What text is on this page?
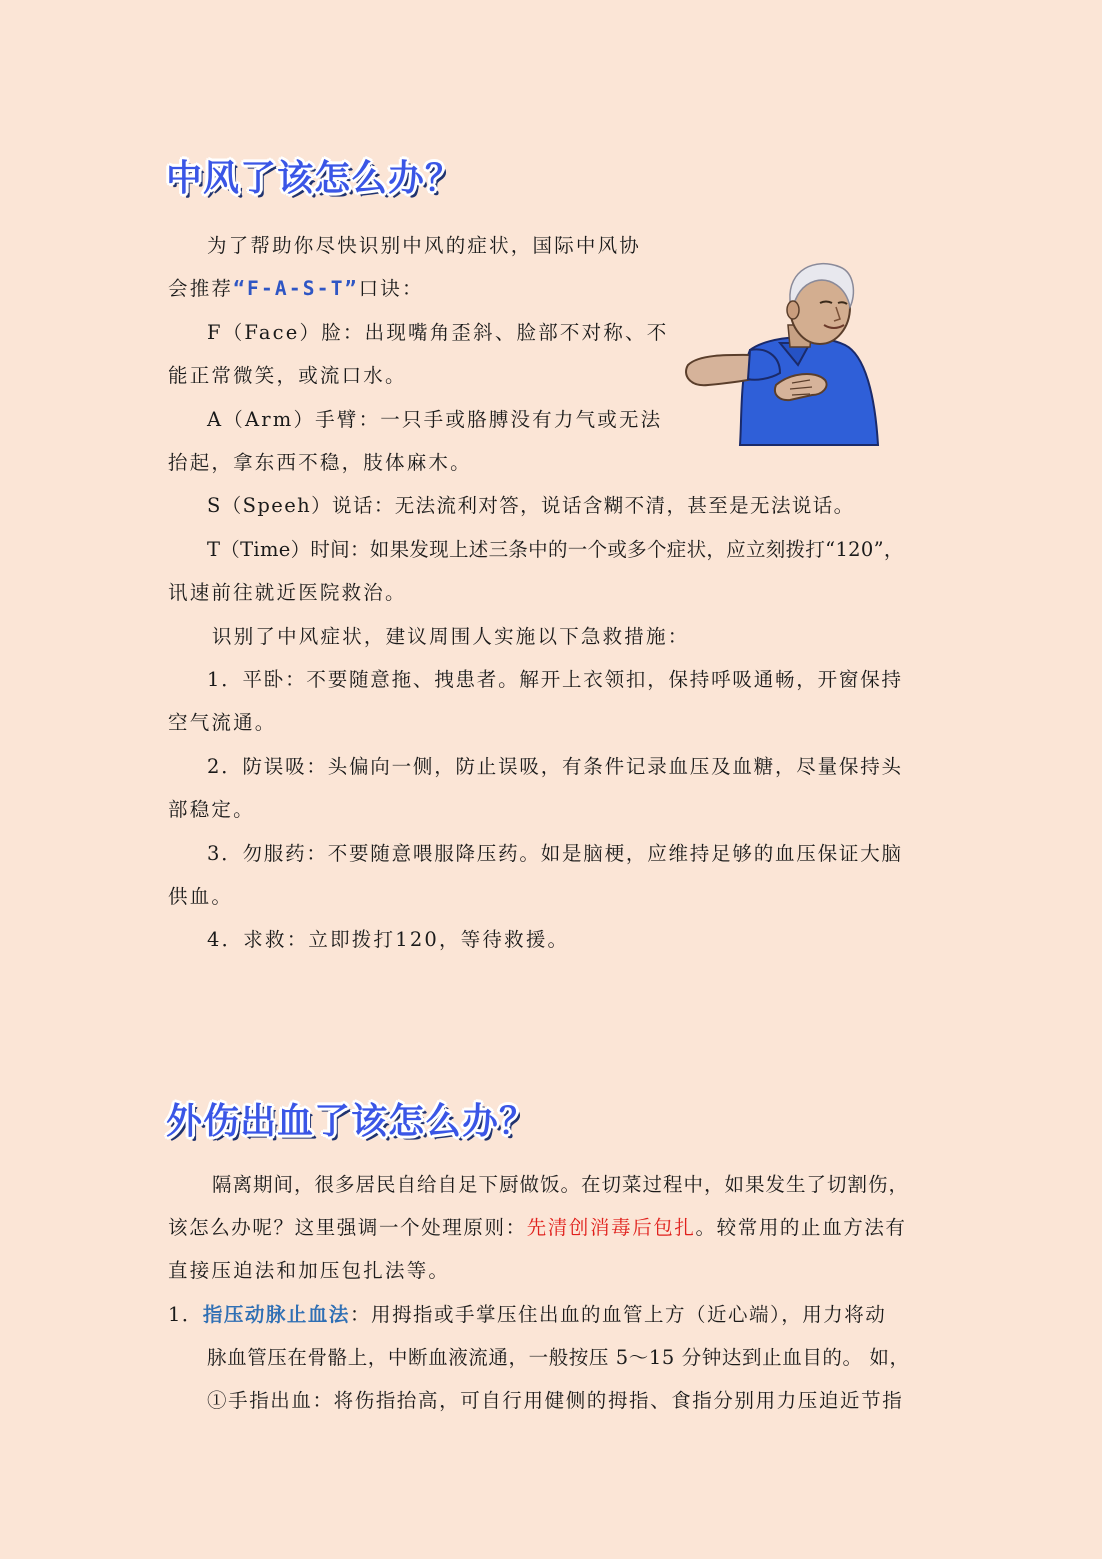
中风了该怎么办？
为了帮助你尽快识别中风的症状，国际中风协
会推荐“F-A-S-T”口诀：
F（Face）脸：出现嘴角歪斜、脸部不对称、不
能正常微笑，或流口水。
A（Arm）手臂：一只手或胳膊没有力气或无法
抬起，拿东西不稳，肢体麻木。
S（Speeh）说话：无法流利对答，说话含糊不清，甚至是无法说话。
T（Time）时间：如果发现上述三条中的一个或多个症状，应立刻拨打“120”，
讯速前往就近医院救治。
识别了中风症状，建议周围人实施以下急救措施：
1．平卧：不要随意拖、拽患者。解开上衣领扣，保持呼吸通畅，开窗保持
空气流通。
2．防误吸：头偏向一侧，防止误吸，有条件记录血压及血糖，尽量保持头
部稳定。
3．勿服药：不要随意喂服降压药。如是脑梗，应维持足够的血压保证大脑
供血。
4．求救：立即拨打120，等待救援。
外伤出血了该怎么办？
隔离期间，很多居民自给自足下厨做饭。在切菜过程中，如果发生了切割伤，
该怎么办呢？这里强调一个处理原则：先清创消毒后包扎。较常用的止血方法有
直接压迫法和加压包扎法等。
1．指压动脉止血法：用拇指或手掌压住出血的血管上方（近心端），用力将动
脉血管压在骨骼上，中断血液流通，一般按压 5～15 分钟达到止血目的。 如，
①手指出血：将伤指抬高，可自行用健侧的拇指、食指分别用力压迫近节指
